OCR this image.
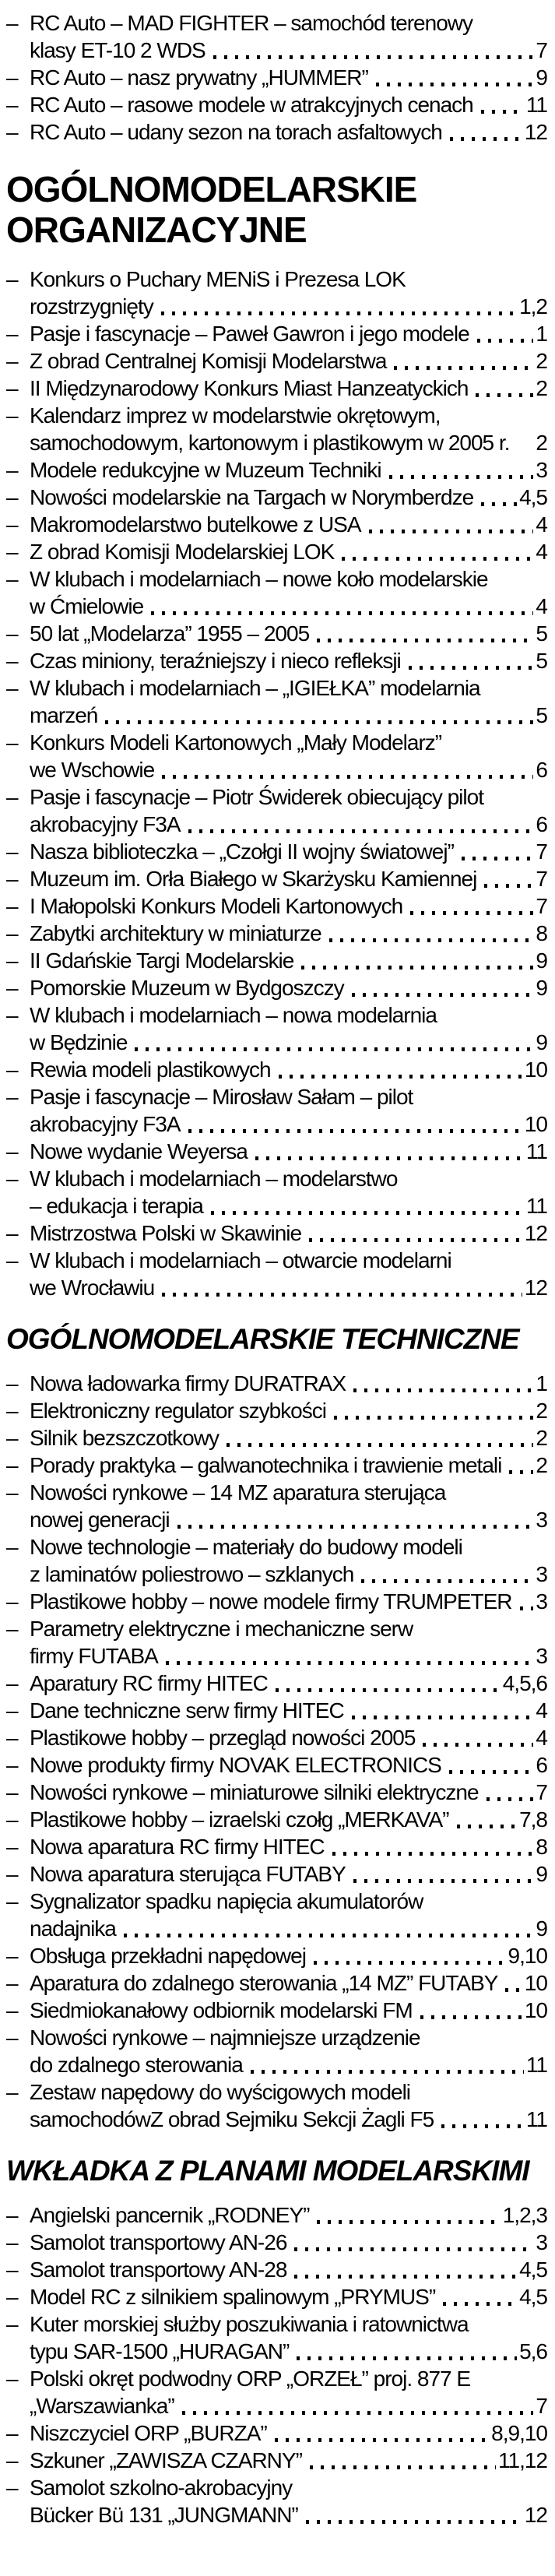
– RC Auto – MAD FIGHTER – samochód terenowy
klasy ET-10 2 WDS	7
– RC Auto – nasz prywatny „HUMMER”	9
– RC Auto – rasowe modele w atrakcyjnych cenach 11
– RC Auto – udany sezon na torach asfaltowych	12
OGÓLNOMODELARSKIE
ORGANIZACYJNE
– Konkurs o Puchary MENiS i Prezesa LOK
rozstrzygnięty	1,2
– Pasje i fascynacje – Paweł Gawron i jego modele	1
– Z obrad Centralnej Komisji Modelarstwa	2
– II Międzynarodowy Konkurs Miast Hanzeatyckich	2
– Kalendarz imprez w modelarstwie okrętowym,
samochodowym, kartonowym i plastikowym w 2005 r. 2
– Modele redukcyjne w Muzeum Techniki	3
– Nowości modelarskie na Targach w Norymberdze 4,5
– Makromodelarstwo butelkowe z USA	4
– Z obrad Komisji Modelarskiej LOK	4
– W klubach i modelarniach – nowe koło modelarskie
w Ćmielowie	4
– 50 lat „Modelarza” 1955 – 2005	5
– Czas miniony, teraźniejszy i nieco refleksji	5
– W klubach i modelarniach – „IGIEŁKA” modelarnia
marzeń	5
– Konkurs Modeli Kartonowych „Mały Modelarz”
we Wschowie	6
– Pasje i fascynacje – Piotr Świderek obiecujący pilot
akrobacyjny F3A	6
– Nasza biblioteczka – „Czołgi II wojny światowej”	7
– Muzeum im. Orła Białego w Skarżysku Kamiennej	7
– I Małopolski Konkurs Modeli Kartonowych	7
– Zabytki architektury w miniaturze	8
– II Gdańskie Targi Modelarskie	9
– Pomorskie Muzeum w Bydgoszczy	9
– W klubach i modelarniach – nowa modelarnia
w Będzinie	9
– Rewia modeli plastikowych	10
– Pasje i fascynacje – Mirosław Sałam – pilot
akrobacyjny F3A	10
– Nowe wydanie Weyersa	11
– W klubach i modelarniach – modelarstwo
– edukacja i terapia	11
– Mistrzostwa Polski w Skawinie	12
– W klubach i modelarniach – otwarcie modelarni
we Wrocławiu	12
OGÓLNOMODELARSKIE TECHNICZNE
– Nowa ładowarka firmy DURATRAX	1
– Elektroniczny regulator szybkości	2
– Silnik bezszczotkowy	2
– Porady praktyka – galwanotechnika i trawienie metali 2
– Nowości rynkowe – 14 MZ aparatura sterująca
nowej generacji	3
– Nowe technologie – materiały do budowy modeli
z laminatów poliestrowo – szklanych	3
– Plastikowe hobby – nowe modele firmy TRUMPETER 3
– Parametry elektryczne i mechaniczne serw
firmy FUTABA	3
– Aparatury RC firmy HITEC	4,5,6
– Dane techniczne serw firmy HITEC	4
– Plastikowe hobby – przegląd nowości 2005	4
– Nowe produkty firmy NOVAK ELECTRONICS	6
– Nowości rynkowe – miniaturowe silniki elektryczne	7
– Plastikowe hobby – izraelski czołg „MERKAVA”	7,8
– Nowa aparatura RC firmy HITEC	8
– Nowa aparatura sterująca FUTABY	9
– Sygnalizator spadku napięcia akumulatorów
nadajnika	9
– Obsługa przekładni napędowej	9,10
– Aparatura do zdalnego sterowania „14 MZ” FUTABY 10
– Siedmiokanałowy odbiornik modelarski FM	10
– Nowości rynkowe – najmniejsze urządzenie
do zdalnego sterowania	11
– Zestaw napędowy do wyścigowych modeli
samochodówZ obrad Sejmiku Sekcji Żagli F5	11
WKŁADKA Z PLANAMI MODELARSKIMI
– Angielski pancernik „RODNEY”	1,2,3
– Samolot transportowy AN-26	3
– Samolot transportowy AN-28	4,5
– Model RC z silnikiem spalinowym „PRYMUS”	4,5
– Kuter morskiej służby poszukiwania i ratownictwa
typu SAR-1500 „HURAGAN”	5,6
– Polski okręt podwodny ORP „ORZEŁ” proj. 877 E
„Warszawianka”	7
– Niszczyciel ORP „BURZA”	8,9,10
– Szkuner „ZAWISZA CZARNY”	11,12
– Samolot szkolno-akrobacyjny
Bücker Bü 131 „JUNGMANN”	12
